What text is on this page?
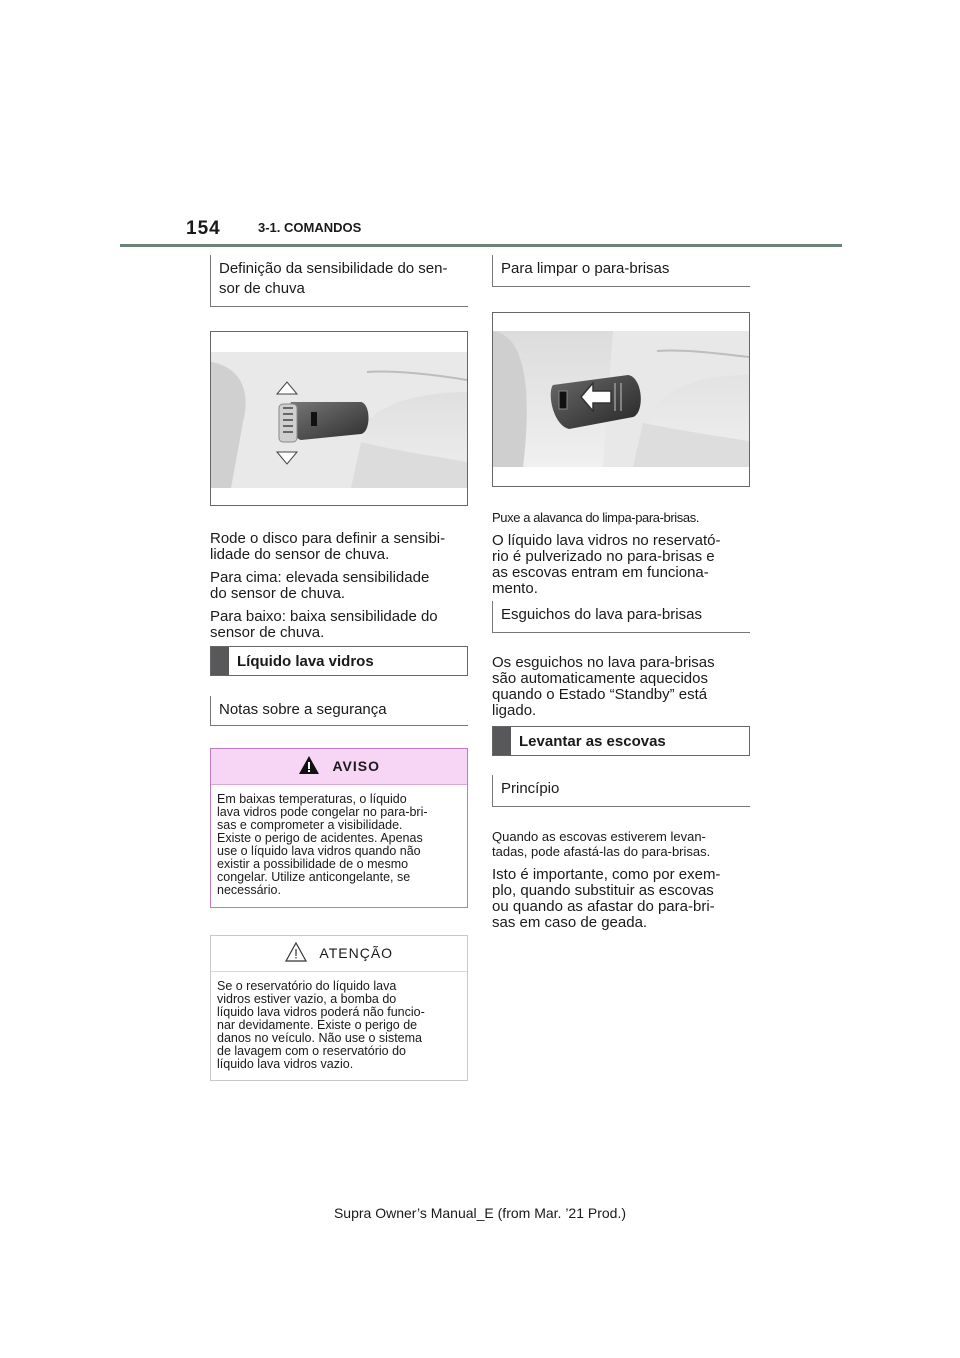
154	3-1. COMANDOS
Definição da sensibilidade do sen-
sor de chuva

Rode o disco para definir a sensibi-
lidade do sensor de chuva.

Para cima: elevada sensibilidade
do sensor de chuva.

Para baixo: baixa sensibilidade do
sensor de chuva.

Líquido lava vidros
Notas sobre a segurança
AVISO
Em baixas temperaturas, o líquido
lava vidros pode congelar no para-bri-
sas e comprometer a visibilidade.
Existe o perigo de acidentes. Apenas
use o líquido lava vidros quando não
existir a possibilidade de o mesmo
congelar. Utilize anticongelante, se
necessário.
ATENÇÃO
Se o reservatório do líquido lava
vidros estiver vazio, a bomba do
líquido lava vidros poderá não funcio-
nar devidamente. Existe o perigo de
danos no veículo. Não use o sistema
de lavagem com o reservatório do
líquido lava vidros vazio.
Para limpar o para-brisas

Puxe a alavanca do limpa-para-brisas.

O líquido lava vidros no reservató-
rio é pulverizado no para-brisas e
as escovas entram em funciona-
mento.

Esguichos do lava para-brisas

Os esguichos no lava para-brisas
são automaticamente aquecidos
quando o Estado “Standby” está
ligado.

Levantar as escovas
Princípio

Quando as escovas estiverem levan-
tadas, pode afastá-las do para-brisas.

Isto é importante, como por exem-
plo, quando substituir as escovas
ou quando as afastar do para-bri-
sas em caso de geada.

Supra Owner’s Manual_E (from Mar. ’21 Prod.)
